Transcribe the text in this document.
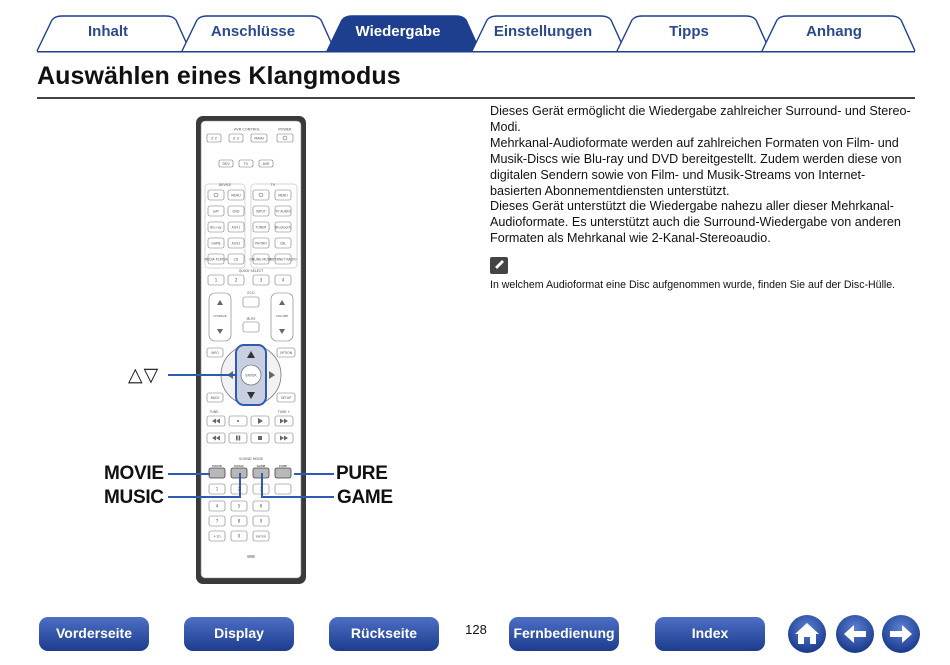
Inhalt	Anschlüsse	Wiedergabe	Einstellungen	Tipps	Anhang
Auswählen eines Klangmodus

Dieses Gerät ermöglicht die Wiedergabe zahlreicher Surround- und Stereo-Modi.

Mehrkanal-Audioformate werden auf zahlreichen Formaten von Film- und Musik-Discs wie Blu-ray und DVD bereitgestellt. Zudem werden diese von digitalen Sendern sowie von Film- und Musik-Streams von Internet-basierten Abonnementdiensten unterstützt.

Dieses Gerät unterstützt die Wiedergabe nahezu aller dieser Mehrkanal-Audioformate. Es unterstützt auch die Surround-Wiedergabe von anderen Formaten als Mehrkanal wie 2-Kanal-Stereoaudio.

In welchem Audioformat eine Disc aufgenommen wurde, finden Sie auf der Disc-Hülle.
AVR CONTROL	POWER
Z 2	Z 3	MAIN
DEV	TV	AVR
DEVICE	TV
MENU	MENU
SAT	DVD	INPUT	TV AUDIO
Blu-ray	AUX1	TUNER	Bluetooth
GAME	AUX2	PHONO	CBL
MEDIA PLAYER CD	ONLINE MUSIC
INTERNET RADIO
QUICK SELECT
1	2	3	4
ECO
CH/PAGE	VOLUME
MUTE
INFO	OPTION
ENTER
BACK	SETUP
TUNE -	TUNE +
SOUND MODE
MOVIE	MUSIC	GAME	PURE
1	2	3
4	5	6
7	8	9
+10	0	ENTER
△▽
MOVIE
MUSIC
PURE
GAME
Vorderseite	Display	Rückseite	128	Fernbedienung	Index
